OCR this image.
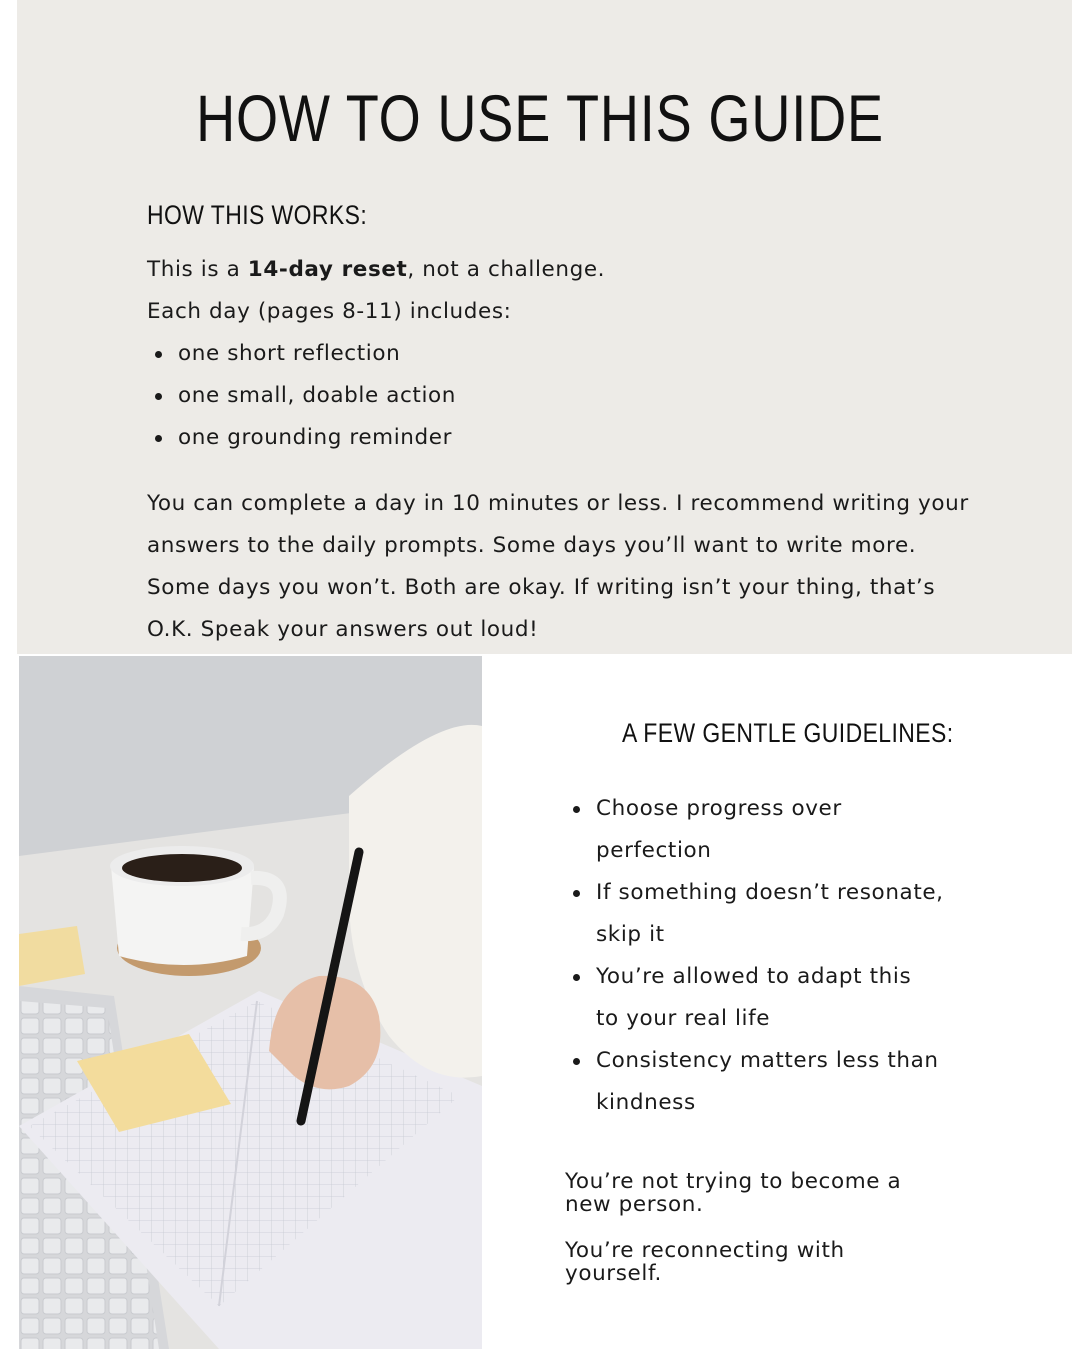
HOW TO USE THIS GUIDE
HOW THIS WORKS:

This is a 14-day reset, not a challenge.

Each day (pages 8-11) includes:

one short reflection
one small, doable action
one grounding reminder
You can complete a day in 10 minutes or less. I recommend writing your
answers to the daily prompts. Some days you’ll want to write more.
Some days you won’t. Both are okay. If writing isn’t your thing, that’s
O.K. Speak your answers out loud!
A FEW GENTLE GUIDELINES:
Choose progress over
perfection
If something doesn’t resonate,
skip it
You’re allowed to adapt this
to your real life
Consistency matters less than
kindness

You’re not trying to become a
new person.

You’re reconnecting with
yourself.
